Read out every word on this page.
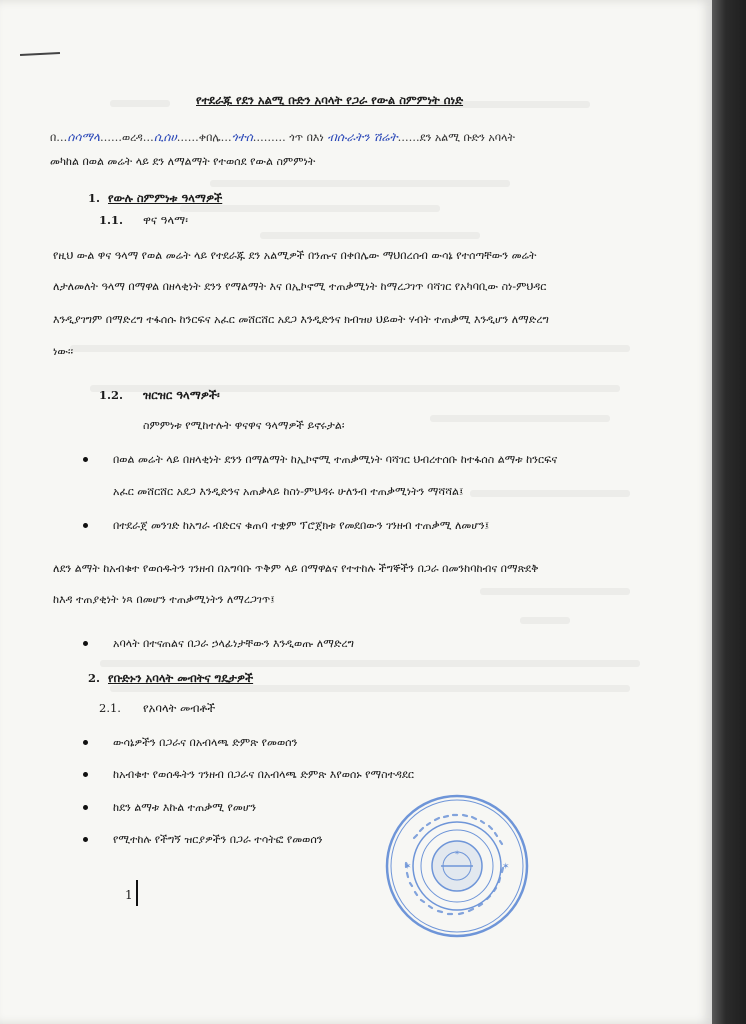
የተደራጁ የደን አልሚ ቡድን አባላት የጋራ የውል ስምምነት ሰነድ
በ…ሰሳማላ……ወረዳ…ሲሰሀ……ቀበሌ…ጎተሰ……… ጎጥ በእነ ብሱራትን ሽሬት……ደን አልሚ ቡድን አባላት
መካከል በወል መሬት ላይ ደን ለማልማት የተወሰደ የውል ስምምነት
1. የውሉ ስምምነቱ ዓላማዎች
1.1. ዋና ዓላማ፡
የዚህ ውል ዋና ዓላማ የወል መሬት ላይ የተደራጁ ደን አልሚዎች በንጡና በቀበሌው ማህበረሰብ ውሳኔ የተሰጣቸውን መሬት
ለታለመለት ዓላማ በማዋል በዘላቂነት ደንን የማልማት እና በኢኮኖሚ ተጠቃሚነት ከማረጋገጥ ባሻገር የአካባቢው ስነ-ምህዳር
እንዲያገግም በማድረግ ተፋሰሱ ከንርፍና አፈር መሸርሸር አደጋ እንዲድንና ክብዝሀ ህይወት ሃብት ተጠቃሚ እንዲሆን ለማድረግ
ነው፡፡
1.2. ዝርዝር ዓላማዎች፡
ስምምነቱ የሚከተሉት ዋናዋና ዓላማዎች ይኖሩታል፡
በወል መሬት ላይ በዘላቂነት ደንን በማልማት ከኢኮኖሚ ተጠቃሚነት ባሻገር ህብረተሰቡ ከተፋሰስ ልማቱ ከንርፍና
አፈር መሸርሸር አደጋ እንዲድንና አጠቃላይ ከስነ-ምህዳሩ ሁለንብ ተጠቃሚነትን ማሻሻል፤
በተደራጀ መንገድ ከአግራ ብድርና ቁጠባ ተቋም ፕሮጀክቱ የመደበውን ገንዘብ ተጠቃሚ ለመሆን፤
ለደን ልማት ከአብቁተ የወሰዱትን ገንዘብ በአግባቡ ጥቅም ላይ በማዋልና የተተከሉ ችግኞችን በጋራ በመንከባከብና በማጽደቅ
ከእዳ ተጠያቂነት ነጻ በመሆን ተጠቃሚነትን ለማረጋገጥ፤
አባላት በተናጠልና በጋራ ኃላፊነታቸውን እንዲወጡ ለማድረግ
2. የቡድኑን አባላት መብትና ግዴታዎች
2.1. የአባላት መብቶች
ውሳኔዎችን በጋራና በአብላጫ ድምጽ የመወሰን
ከአብቁተ የወሰዱትን ገንዘብ በጋራና በአብላጫ ድምጽ እየወሰኑ የማስተዳደር
ከደን ልማቱ እኩል ተጠቃሚ የመሆን
የሚተከሉ የችግኝ ዝርያዎችን በጋራ ተሳትፎ የመወሰን
1
✶
✶	✶
